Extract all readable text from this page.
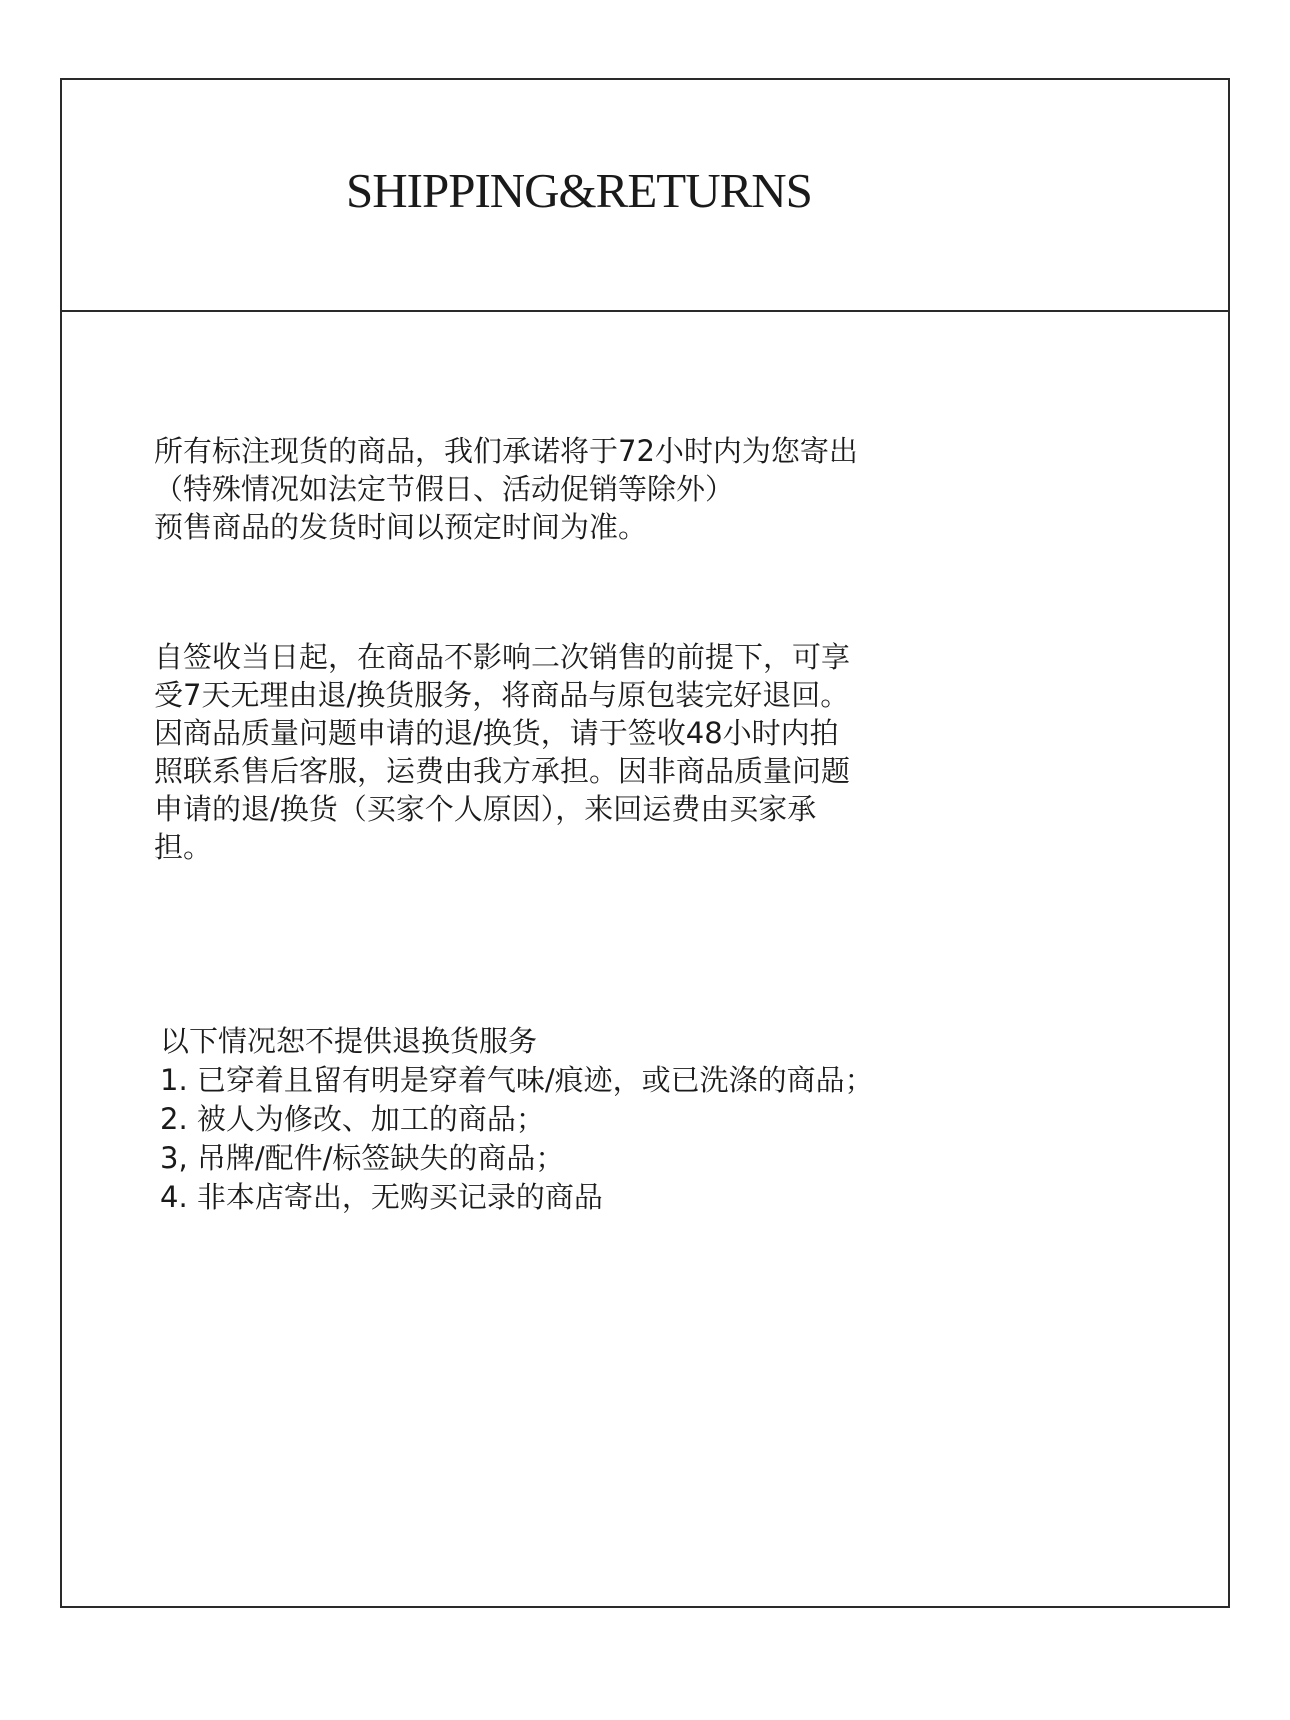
SHIPPING&RETURNS
所有标注现货的商品，我们承诺将于72小时内为您寄出
（特殊情况如法定节假日、活动促销等除外）
预售商品的发货时间以预定时间为准。
自签收当日起，在商品不影响二次销售的前提下，可享
受7天无理由退/换货服务，将商品与原包装完好退回。
因商品质量问题申请的退/换货，请于签收48小时内拍
照联系售后客服，运费由我方承担。因非商品质量问题
申请的退/换货（买家个人原因），来回运费由买家承
担。
以下情况恕不提供退换货服务
1. 已穿着且留有明是穿着气味/痕迹，或已洗涤的商品；
2. 被人为修改、加工的商品；
3, 吊牌/配件/标签缺失的商品；
4. 非本店寄出，无购买记录的商品
